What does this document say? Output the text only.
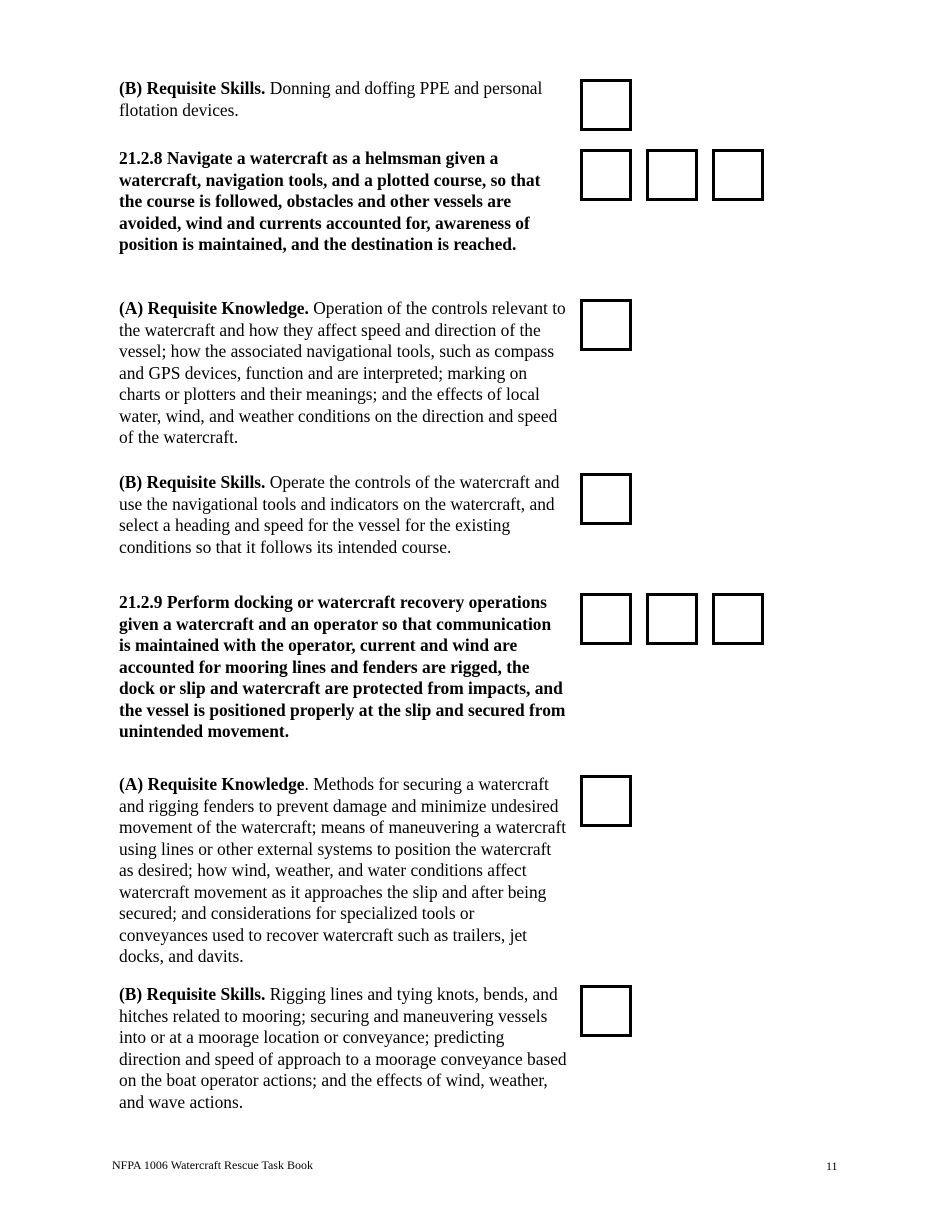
(B) Requisite Skills. Donning and doffing PPE and personal flotation devices.

21.2.8 Navigate a watercraft as a helmsman given a watercraft, navigation tools, and a plotted course, so that the course is followed, obstacles and other vessels are avoided, wind and currents accounted for, awareness of position is maintained, and the destination is reached.

(A) Requisite Knowledge. Operation of the controls relevant to the watercraft and how they affect speed and direction of the vessel; how the associated navigational tools, such as compass and GPS devices, function and are interpreted; marking on charts or plotters and their meanings; and the effects of local water, wind, and weather conditions on the direction and speed of the watercraft.

(B) Requisite Skills. Operate the controls of the watercraft and use the navigational tools and indicators on the watercraft, and select a heading and speed for the vessel for the existing conditions so that it follows its intended course.

21.2.9 Perform docking or watercraft recovery operations given a watercraft and an operator so that communication is maintained with the operator, current and wind are accounted for mooring lines and fenders are rigged, the dock or slip and watercraft are protected from impacts, and the vessel is positioned properly at the slip and secured from unintended movement.

(A) Requisite Knowledge. Methods for securing a watercraft and rigging fenders to prevent damage and minimize undesired movement of the watercraft; means of maneuvering a watercraft using lines or other external systems to position the watercraft as desired; how wind, weather, and water conditions affect watercraft movement as it approaches the slip and after being secured; and considerations for specialized tools or conveyances used to recover watercraft such as trailers, jet docks, and davits.

(B) Requisite Skills. Rigging lines and tying knots, bends, and hitches related to mooring; securing and maneuvering vessels into or at a moorage location or conveyance; predicting direction and speed of approach to a moorage conveyance based on the boat operator actions; and the effects of wind, weather, and wave actions.

NFPA 1006 Watercraft Rescue Task Book	11
